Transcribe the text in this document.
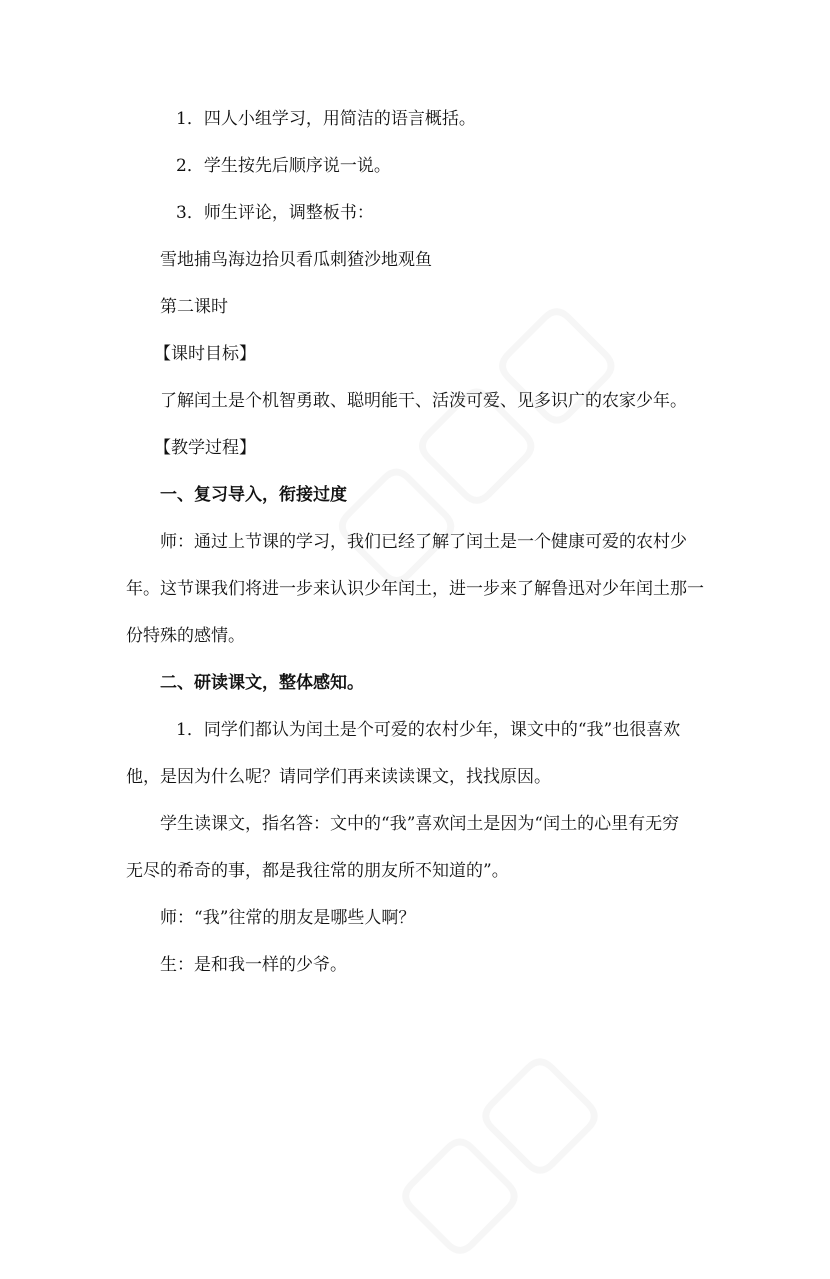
1．四人小组学习，用简洁的语言概括。
2．学生按先后顺序说一说。
3．师生评论，调整板书：
雪地捕鸟海边拾贝看瓜刺猹沙地观鱼
第二课时
【课时目标】
了解闰土是个机智勇敢、聪明能干、活泼可爱、见多识广的农家少年。
【教学过程】
一、复习导入，衔接过度
师：通过上节课的学习，我们已经了解了闰土是一个健康可爱的农村少
年。这节课我们将进一步来认识少年闰土，进一步来了解鲁迅对少年闰土那一
份特殊的感情。
二、研读课文，整体感知。
1．同学们都认为闰土是个可爱的农村少年，课文中的“我”也很喜欢
他，是因为什么呢？请同学们再来读读课文，找找原因。
学生读课文，指名答：文中的“我”喜欢闰土是因为“闰土的心里有无穷
无尽的希奇的事，都是我往常的朋友所不知道的”。
师：“我”往常的朋友是哪些人啊？
生：是和我一样的少爷。
